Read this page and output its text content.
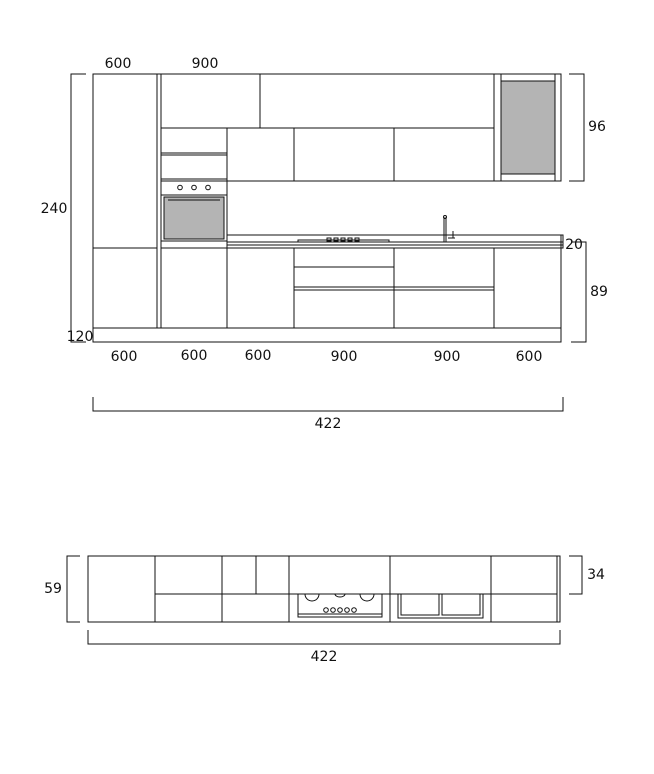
600	900
240
120
96
20
89
600	600	600	900	900	600
422
59
34
422
